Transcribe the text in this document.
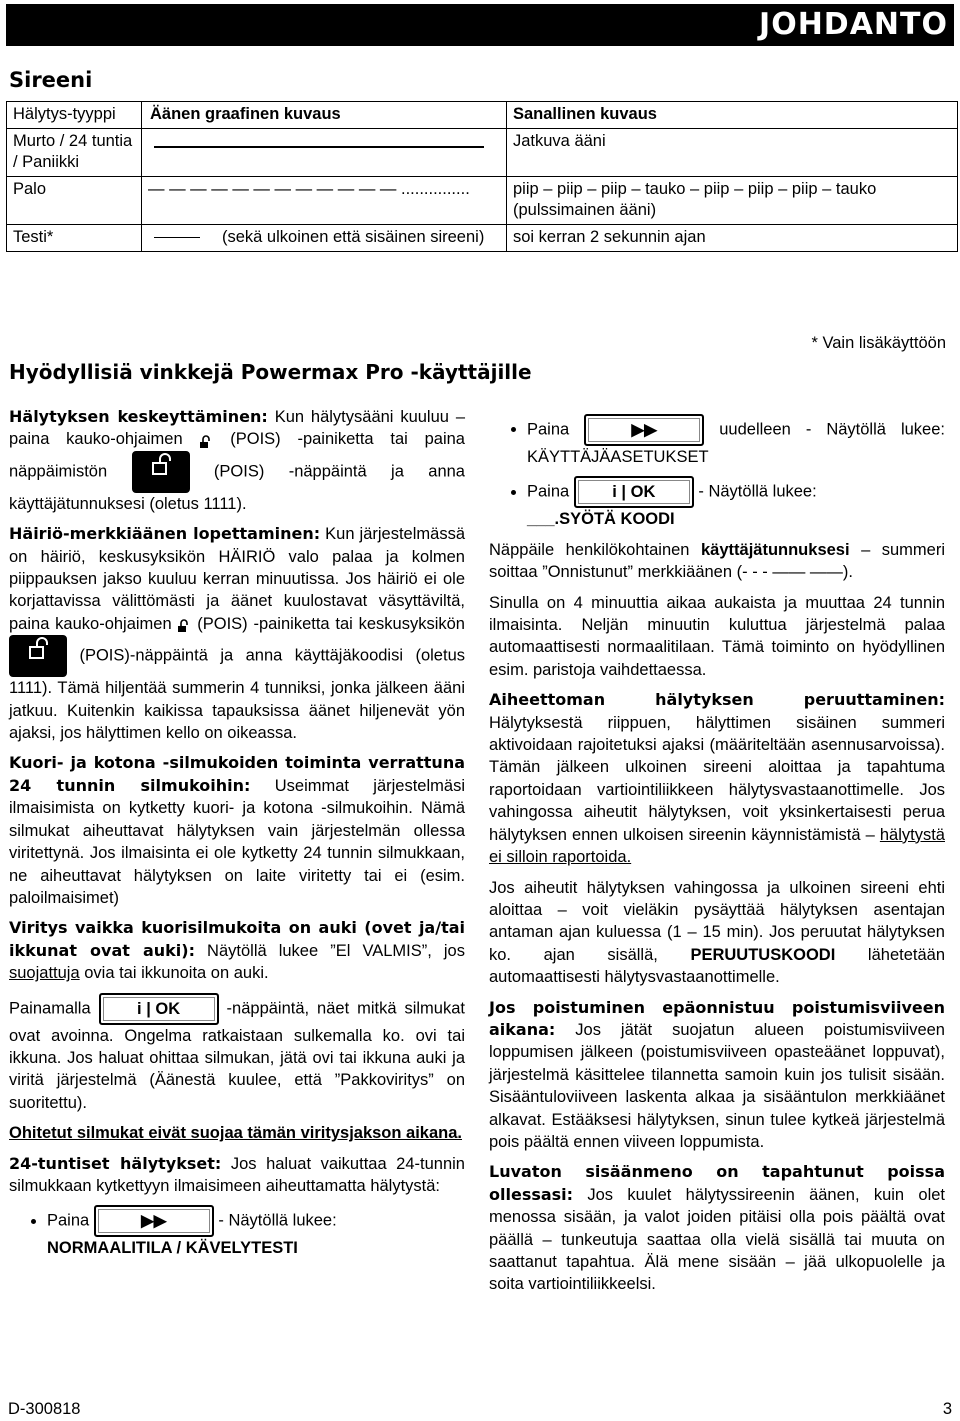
JOHDANTO
Sireeni
Hälytys-tyyppi	Äänen graafinen kuvaus	Sanallinen kuvaus
Murto / 24 tuntia / Paniikki		Jatkuva ääni
Palo	— — — — — — — — — — — — ...............	piip – piip – piip – tauko – piip – piip – piip – tauko (pulssimainen ääni)
Testi*	(sekä ulkoinen että sisäinen sireeni)	soi kerran 2 sekunnin ajan
* Vain lisäkäyttöön
Hyödyllisiä vinkkejä Powermax Pro -käyttäjille

Hälytyksen keskeyttäminen: Kun hälytysääni kuuluu – paina kauko-ohjaimen	(POIS) -painiketta tai paina näppäimistön	(POIS) -näppäintä ja anna käyttäjätunnuksesi (oletus 1111).

Häiriö-merkkiäänen lopettaminen: Kun järjestelmässä on häiriö, keskusyksikön HÄIRIÖ valo palaa ja kolmen piippauksen jakso kuuluu kerran minuutissa. Jos häiriö ei ole korjattavissa välittömästi ja äänet kuulostavat väsyttäviltä, paina kauko-ohjaimen (POIS) -painiketta tai keskusyksikön  (POIS)-näppäintä ja anna käyttäjäkoodisi (oletus 1111). Tämä hiljentää summerin 4 tunniksi, jonka jälkeen ääni jatkuu. Kuitenkin kaikissa tapauksissa äänet hiljenevät yön ajaksi, jos hälyttimen kello on oikeassa.

Kuori- ja kotona -silmukoiden toiminta verrattuna 24 tunnin silmukoihin: Useimmat järjestelmäsi ilmaisimista on kytketty kuori- ja kotona -silmukoihin. Nämä silmukat aiheuttavat hälytyksen vain järjestelmän ollessa viritettynä. Jos ilmaisinta ei ole kytketty 24 tunnin silmukkaan, ne aiheuttavat hälytyksen on laite viritetty tai ei (esim. paloilmaisimet)

Viritys vaikka kuorisilmukoita on auki (ovet ja/tai ikkunat ovat auki): Näytöllä lukee ”El VALMIS”, jos suojattuja ovia tai ikkunoita on auki.

Painamalla	i | OK	-näppäintä, näet mitkä silmukat ovat avoinna. Ongelma ratkaistaan sulkemalla ko. ovi tai ikkuna. Jos haluat ohittaa silmukan, jätä ovi tai ikkuna auki ja viritä järjestelmä (Äänestä kuulee, että ”Pakkoviritys” on suoritettu).

Ohitetut silmukat eivät suojaa tämän viritysjakson aikana.

24-tuntiset hälytykset: Jos haluat vaikuttaa 24-tunnin silmukkaan kytkettyyn ilmaisimeen aiheuttamatta hälytystä:

• Paina	▶▶	- Näytöllä lukee:
NORMAALITILA / KÄVELYTESTI
• Paina	▶▶	uudelleen - Näytöllä lukee: KÄYTTÄJÄASETUKSET
• Paina	i | OK	- Näytöllä lukee:
___.SYÖTÄ KOODI

Näppäile henkilökohtainen käyttäjätunnuksesi – summeri soittaa ”Onnistunut” merkkiäänen (- - - —— ——).

Sinulla on 4 minuuttia aikaa aukaista ja muuttaa 24 tunnin ilmaisinta. Neljän minuutin kuluttua järjestelmä palaa automaattisesti normaalitilaan. Tämä toiminto on hyödyllinen esim. paristoja vaihdettaessa.

Aiheettoman hälytyksen peruuttaminen: Hälytyksestä riippuen, hälyttimen sisäinen summeri aktivoidaan rajoitetuksi ajaksi (määriteltään asennusarvoissa). Tämän jälkeen ulkoinen sireeni aloittaa ja tapahtuma raportoidaan vartiointiliikkeen hälytysvastaanottimelle. Jos vahingossa aiheutit hälytyksen, voit yksinkertaisesti perua hälytyksen ennen ulkoisen sireenin käynnistämistä – hälytystä ei silloin raportoida.

Jos aiheutit hälytyksen vahingossa ja ulkoinen sireeni ehti aloittaa – voit vieläkin pysäyttää hälytyksen asentajan antaman ajan kuluessa (1 – 15 min). Jos peruutat hälytyksen ko. ajan sisällä, PERUUTUSKOODI lähetetään automaattisesti hälytysvastaanottimelle.

Jos poistuminen epäonnistuu poistumisviiveen aikana: Jos jätät suojatun alueen poistumisviiveen loppumisen jälkeen (poistumisviiveen opasteäänet loppuvat), järjestelmä käsittelee tilannetta samoin kuin jos tulisit sisään. Sisääntuloviiveen laskenta alkaa ja sisääntulon merkkiäänet alkavat. Estääksesi hälytyksen, sinun tulee kytkeä järjestelmä pois päältä ennen viiveen loppumista.

Luvaton sisäänmeno on tapahtunut poissa ollessasi: Jos kuulet hälytyssireenin äänen, kuin olet menossa sisään, ja valot joiden pitäisi olla pois päältä ovat päällä – tunkeutuja saattaa olla vielä sisällä tai muuta on saattanut tapahtua. Älä mene sisään – jää ulkopuolelle ja soita vartiointiliikkeelsi.

D-300818	3
